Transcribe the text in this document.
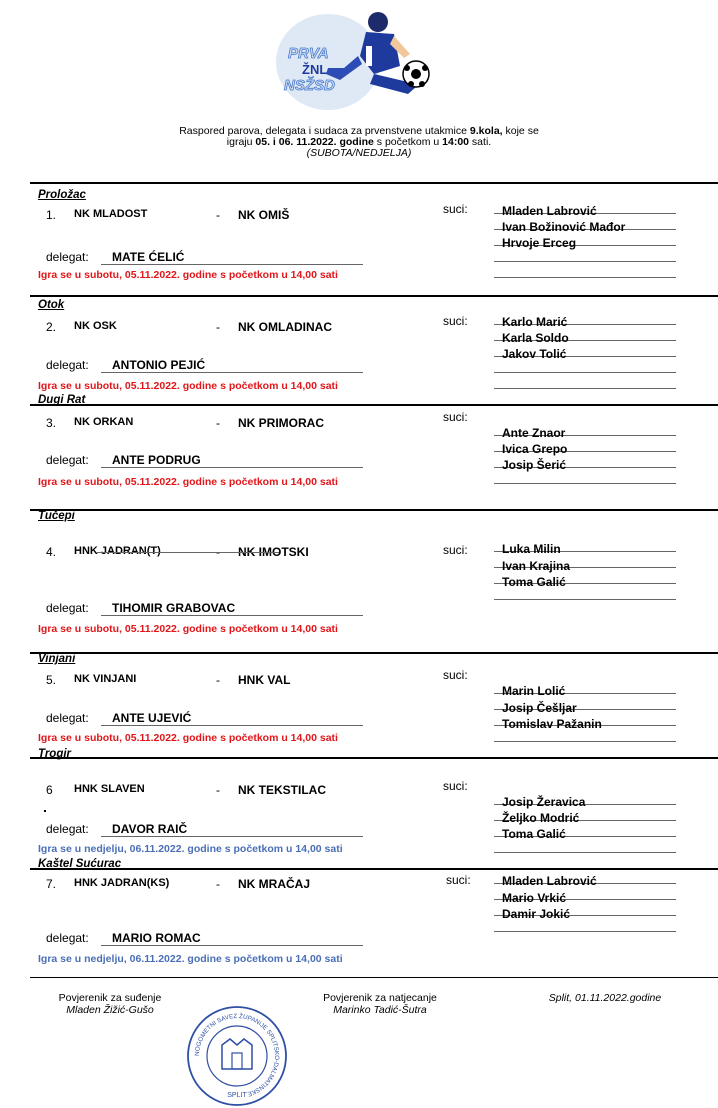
PRVA
ŽNL
NSŽSD
Raspored parova, delegata i sudaca za prvenstvene utakmice 9.kola, koje se
igraju 05. i 06. 11.2022. godine s početkom u 14:00 sati.
(SUBOTA/NEDJELJA)
Proložac
1. NK MLADOST	- NK OMIŠ	suci:	Mladen Labrović
Ivan Božinović Mađor
Hrvoje Erceg
delegat: MATE ĆELIĆ
Igra se u subotu, 05.11.2022. godine s početkom u 14,00 sati
Otok
2. NK OSK	- NK OMLADINAC	suci:	Karlo Marić
Karla Soldo
Jakov Tolić
delegat: ANTONIO PEJIĆ
Igra se u subotu, 05.11.2022. godine s početkom u 14,00 sati
Dugi Rat
3. NK ORKAN	- NK PRIMORAC	suci:
Ante Znaor
Ivica Grepo
Josip Šerić
delegat: ANTE PODRUG
Igra se u subotu, 05.11.2022. godine s početkom u 14,00 sati
Tučepi
4. HNK JADRAN(T)	- NK IMOTSKI	suci:	Luka Milin
Ivan Krajina
Toma Galić
delegat: TIHOMIR GRABOVAC
Igra se u subotu, 05.11.2022. godine s početkom u 14,00 sati
Vinjani
5. NK VINJANI	- HNK VAL	suci:
Marin Lolić
Josip Češljar
Tomislav Pažanin
delegat: ANTE UJEVIĆ
Igra se u subotu, 05.11.2022. godine s početkom u 14,00 sati
Trogir
6 HNK SLAVEN	- NK TEKSTILAC	suci:
Josip Žeravica
Željko Modrić
Toma Galić
delegat: DAVOR RAIČ
Igra se u nedjelju, 06.11.2022. godine s početkom u 14,00 sati
Kaštel Sućurac
7. HNK JADRAN(KS)	- NK MRAČAJ	suci:	Mladen Labrović
Mario Vrkić
Damir Jokić
delegat: MARIO ROMAC
Igra se u nedjelju, 06.11.2022. godine s početkom u 14,00 sati
Povjerenik za suđenje
Mladen Žižić-Gušo
Povjerenik za natjecanje
Marinko Tadić-Šutra
Split, 01.11.2022.godine
NOGOMETNI SAVEZ ŽUPANIJE SPLITSKO-DALMATINSKE
SPLIT
